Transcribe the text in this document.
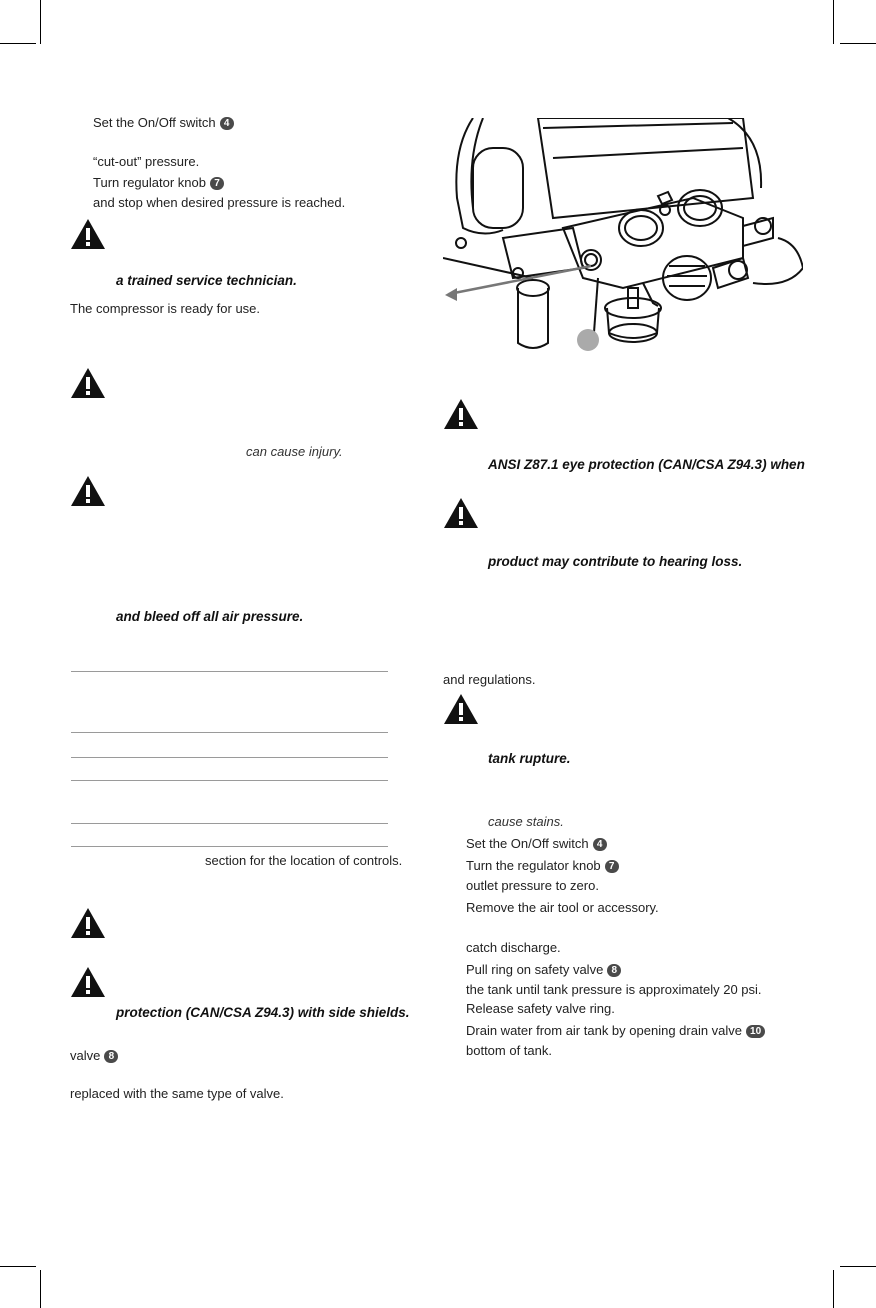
Set the On/Off switch 4
“cut-out” pressure.
Turn regulator knob 7
and stop when desired pressure is reached.
a trained service technician.
The compressor is ready for use.
can cause injury.
and bleed off all air pressure.
section for the location of controls.
protection (CAN/CSA Z94.3) with side shields.
valve 8
replaced with the same type of valve.
ANSI Z87.1 eye protection (CAN/CSA Z94.3) when
product may contribute to hearing loss.
and regulations.
tank rupture.
cause stains.
Set the On/Off switch 4
Turn the regulator knob 7
outlet pressure to zero.
Remove the air tool or accessory.
catch discharge.
Pull ring on safety valve 8
the tank until tank pressure is approximately 20 psi.
Release safety valve ring.
Drain water from air tank by opening drain valve 10
bottom of tank.
